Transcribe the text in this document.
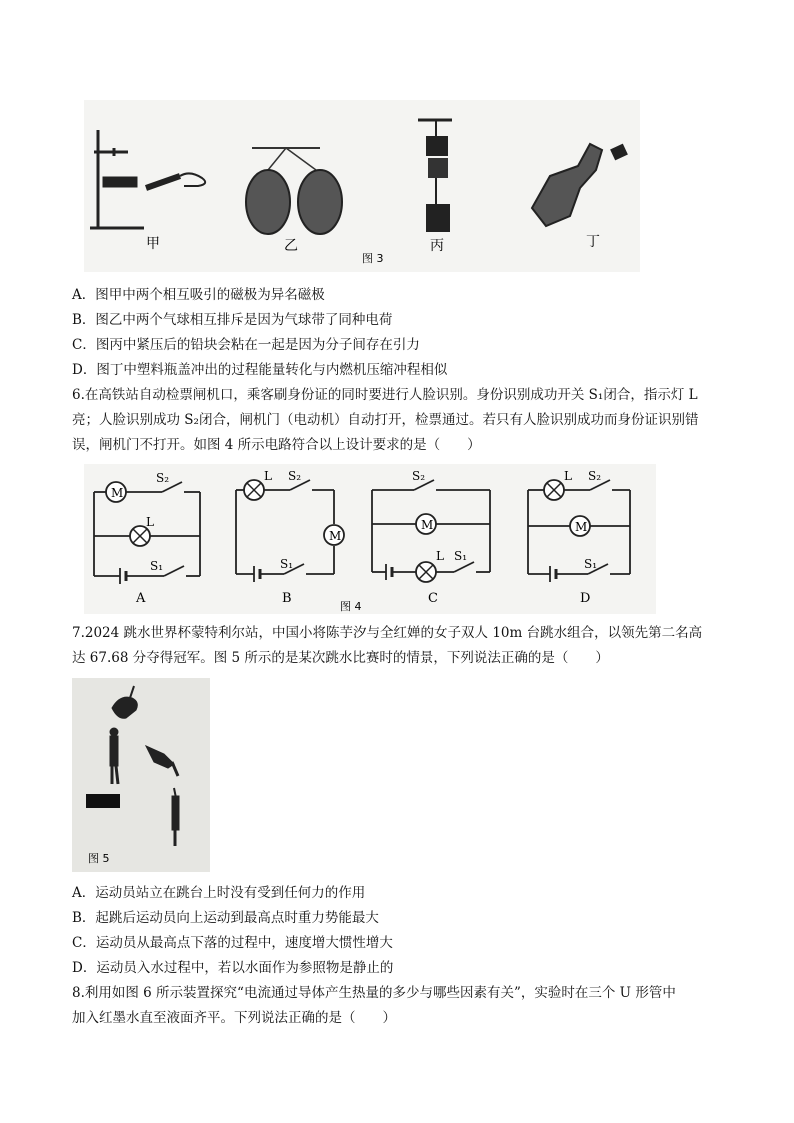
甲	乙	丙	丁
图 3
A．图甲中两个相互吸引的磁极为异名磁极
B．图乙中两个气球相互排斥是因为气球带了同种电荷
C．图丙中紧压后的铅块会粘在一起是因为分子间存在引力
D．图丁中塑料瓶盖冲出的过程能量转化与内燃机压缩冲程相似
6.在高铁站自动检票闸机口，乘客刷身份证的同时要进行人脸识别。身份识别成功开关 S₁闭合，指示灯 L
亮；人脸识别成功 S₂闭合，闸机门（电动机）自动打开，检票通过。若只有人脸识别成功而身份证识别错
误，闸机门不打开。如图 4 所示电路符合以上设计要求的是（　　）
M
S₂
L
S₁
A
L S₂
M
S₁
B
S₂
M
L S₁
C
L S₂
M
S₁
D
图 4
7.2024 跳水世界杯蒙特利尔站，中国小将陈芋汐与全红婵的女子双人 10m 台跳水组合，以领先第二名高
达 67.68 分夺得冠军。图 5 所示的是某次跳水比赛时的情景，下列说法正确的是（　　）
图 5
A．运动员站立在跳台上时没有受到任何力的作用
B．起跳后运动员向上运动到最高点时重力势能最大
C．运动员从最高点下落的过程中，速度增大惯性增大
D．运动员入水过程中，若以水面作为参照物是静止的
8.利用如图 6 所示装置探究“电流通过导体产生热量的多少与哪些因素有关”，实验时在三个 U 形管中
加入红墨水直至液面齐平。下列说法正确的是（　　）
